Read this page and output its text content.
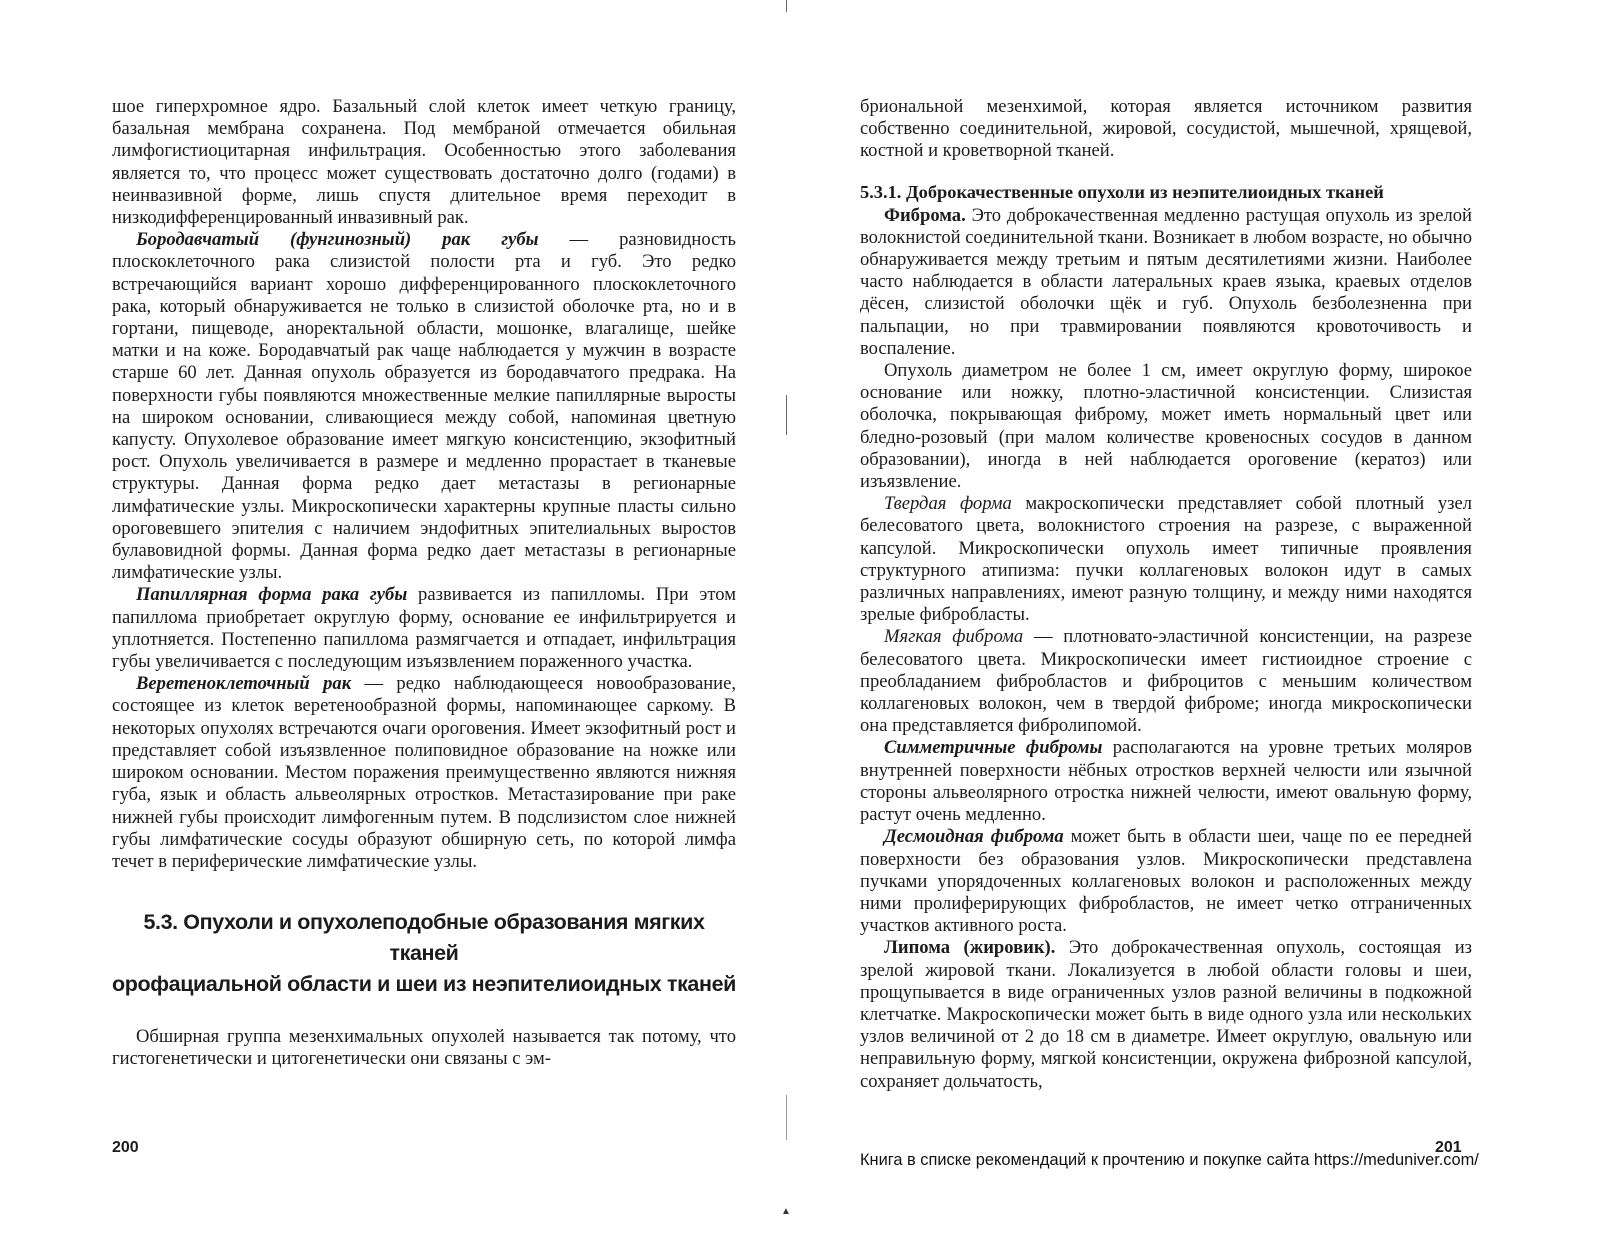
▲

шое гиперхромное ядро. Базальный слой клеток имеет четкую границу, базальная мембрана сохранена. Под мембраной отмечается обильная лимфогистиоцитарная инфильтрация. Особенностью этого заболевания является то, что процесс может существовать достаточно долго (годами) в неинвазивной форме, лишь спустя длительное время переходит в низкодифференцированный инвазивный рак.

Бородавчатый (фунгинозный) рак губы — разновидность плоскоклеточного рака слизистой полости рта и губ. Это редко встречающийся вариант хорошо дифференцированного плоскоклеточного рака, который обнаруживается не только в слизистой оболочке рта, но и в гортани, пищеводе, аноректальной области, мошонке, влагалище, шейке матки и на коже. Бородавчатый рак чаще наблюдается у мужчин в возрасте старше 60 лет. Данная опухоль образуется из бородавчатого предрака. На поверхности губы появляются множественные мелкие папиллярные выросты на широком основании, сливающиеся между собой, напоминая цветную капусту. Опухолевое образование имеет мягкую консистенцию, экзофитный рост. Опухоль увеличивается в размере и медленно прорастает в тканевые структуры. Данная форма редко дает метастазы в регионарные лимфатические узлы. Микроскопически характерны крупные пласты сильно ороговевшего эпителия с наличием эндофитных эпителиальных выростов булавовидной формы. Данная форма редко дает метастазы в регионарные лимфатические узлы.

Папиллярная форма рака губы развивается из папилломы. При этом папиллома приобретает округлую форму, основание ее инфильтрируется и уплотняется. Постепенно папиллома размягчается и отпадает, инфильтрация губы увеличивается с последующим изъязвлением пораженного участка.

Веретеноклеточный рак — редко наблюдающееся новообразование, состоящее из клеток веретенообразной формы, напоминающее саркому. В некоторых опухолях встречаются очаги ороговения. Имеет экзофитный рост и представляет собой изъязвленное полиповидное образование на ножке или широком основании. Местом поражения преимущественно являются нижняя губа, язык и область альвеолярных отростков. Метастазирование при раке нижней губы происходит лимфогенным путем. В подслизистом слое нижней губы лимфатические сосуды образуют обширную сеть, по которой лимфа течет в периферические лимфатические узлы.

5.3. Опухоли и опухолеподобные образования мягких тканей
орофациальной области и шеи из неэпителиоидных тканей

Обширная группа мезенхимальных опухолей называется так потому, что гистогенетически и цитогенетически они связаны с эм-

200

бриональной мезенхимой, которая является источником развития собственно соединительной, жировой, сосудистой, мышечной, хрящевой, костной и кроветворной тканей.

5.3.1. Доброкачественные опухоли из неэпителиоидных тканей

Фиброма. Это доброкачественная медленно растущая опухоль из зрелой волокнистой соединительной ткани. Возникает в любом возрасте, но обычно обнаруживается между третьим и пятым десятилетиями жизни. Наиболее часто наблюдается в области латеральных краев языка, краевых отделов дёсен, слизистой оболочки щёк и губ. Опухоль безболезненна при пальпации, но при травмировании появляются кровоточивость и воспаление.

Опухоль диаметром не более 1 см, имеет округлую форму, широкое основание или ножку, плотно-эластичной консистенции. Слизистая оболочка, покрывающая фиброму, может иметь нормальный цвет или бледно-розовый (при малом количестве кровеносных сосудов в данном образовании), иногда в ней наблюдается ороговение (кератоз) или изъязвление.

Твердая форма макроскопически представляет собой плотный узел белесоватого цвета, волокнистого строения на разрезе, с выраженной капсулой. Микроскопически опухоль имеет типичные проявления структурного атипизма: пучки коллагеновых волокон идут в самых различных направлениях, имеют разную толщину, и между ними находятся зрелые фибробласты.

Мягкая фиброма — плотновато-эластичной консистенции, на разрезе белесоватого цвета. Микроскопически имеет гистиоидное строение с преобладанием фибробластов и фиброцитов с меньшим количеством коллагеновых волокон, чем в твердой фиброме; иногда микроскопически она представляется фибролипомой.

Симметричные фибромы располагаются на уровне третьих моляров внутренней поверхности нёбных отростков верхней челюсти или язычной стороны альвеолярного отростка нижней челюсти, имеют овальную форму, растут очень медленно.

Десмоидная фиброма может быть в области шеи, чаще по ее передней поверхности без образования узлов. Микроскопически представлена пучками упорядоченных коллагеновых волокон и расположенных между ними пролиферирующих фибробластов, не имеет четко отграниченных участков активного роста.

Липома (жировик). Это доброкачественная опухоль, состоящая из зрелой жировой ткани. Локализуется в любой области головы и шеи, прощупывается в виде ограниченных узлов разной величины в подкожной клетчатке. Макроскопически может быть в виде одного узла или нескольких узлов величиной от 2 до 18 см в диаметре. Имеет округлую, овальную или неправильную форму, мягкой консистенции, окружена фиброзной капсулой, сохраняет дольчатость,

201
Книга в списке рекомендаций к прочтению и покупке сайта https://meduniver.com/
